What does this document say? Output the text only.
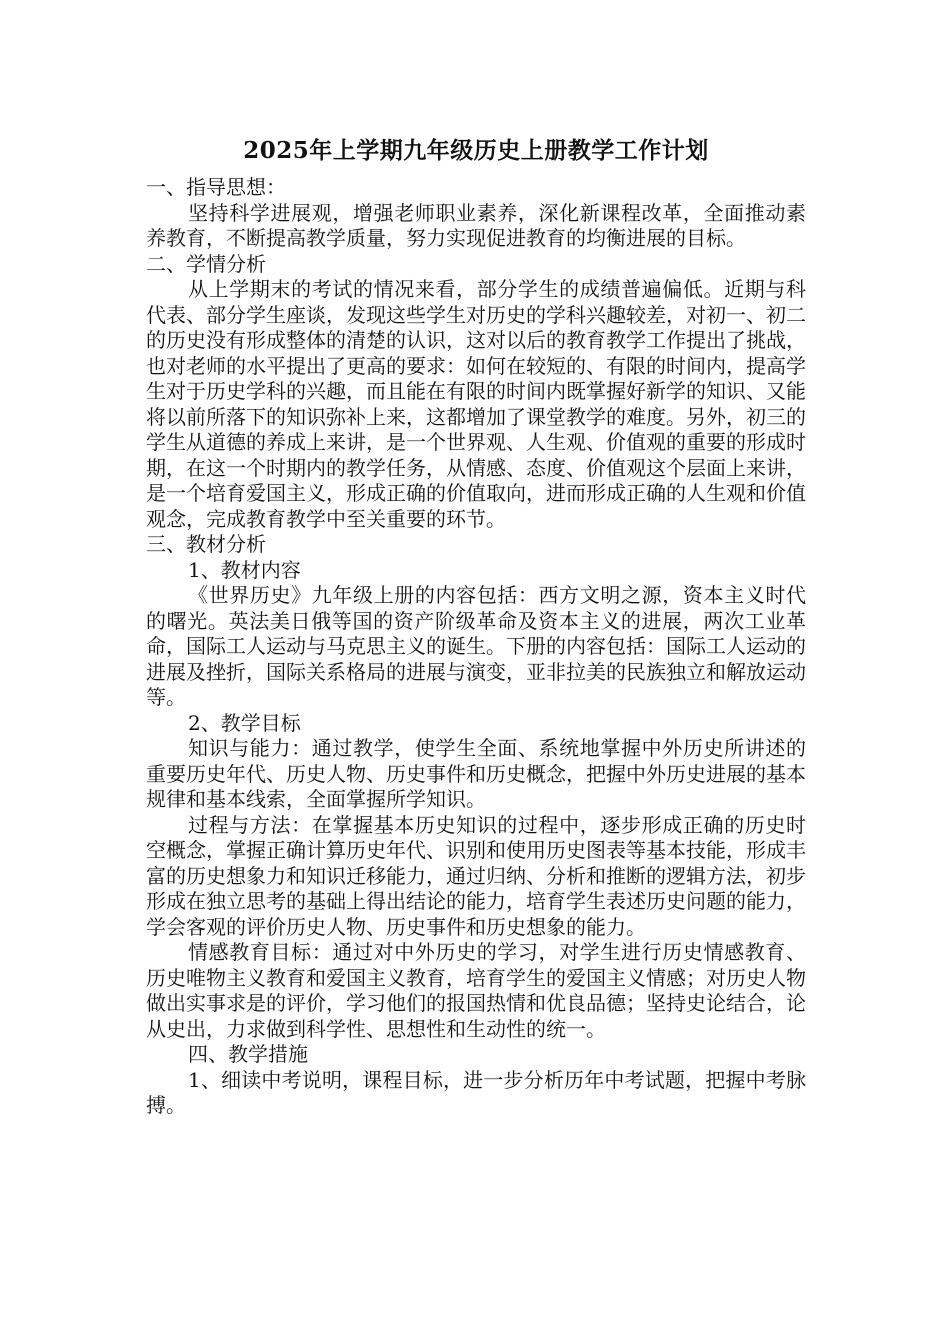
2025年上学期九年级历史上册教学工作计划

一、指导思想：

坚持科学进展观，增强老师职业素养，深化新课程改革，全面推动素养教育，不断提高教学质量，努力实现促进教育的均衡进展的目标。

二、学情分析

从上学期末的考试的情况来看，部分学生的成绩普遍偏低。近期与科代表、部分学生座谈，发现这些学生对历史的学科兴趣较差，对初一、初二的历史没有形成整体的清楚的认识，这对以后的教育教学工作提出了挑战，也对老师的水平提出了更高的要求：如何在较短的、有限的时间内，提高学生对于历史学科的兴趣，而且能在有限的时间内既掌握好新学的知识、又能将以前所落下的知识弥补上来，这都增加了课堂教学的难度。另外，初三的学生从道德的养成上来讲，是一个世界观、人生观、价值观的重要的形成时期，在这一个时期内的教学任务，从情感、态度、价值观这个层面上来讲，是一个培育爱国主义，形成正确的价值取向，进而形成正确的人生观和价值观念，完成教育教学中至关重要的环节。

三、教材分析

1、教材内容

《世界历史》九年级上册的内容包括：西方文明之源，资本主义时代的曙光。英法美日俄等国的资产阶级革命及资本主义的进展，两次工业革命，国际工人运动与马克思主义的诞生。下册的内容包括：国际工人运动的进展及挫折，国际关系格局的进展与演变，亚非拉美的民族独立和解放运动等。

2、教学目标

知识与能力：通过教学，使学生全面、系统地掌握中外历史所讲述的重要历史年代、历史人物、历史事件和历史概念，把握中外历史进展的基本规律和基本线索，全面掌握所学知识。

过程与方法：在掌握基本历史知识的过程中，逐步形成正确的历史时空概念，掌握正确计算历史年代、识别和使用历史图表等基本技能，形成丰富的历史想象力和知识迁移能力，通过归纳、分析和推断的逻辑方法，初步形成在独立思考的基础上得出结论的能力，培育学生表述历史问题的能力，学会客观的评价历史人物、历史事件和历史想象的能力。

情感教育目标：通过对中外历史的学习，对学生进行历史情感教育、历史唯物主义教育和爱国主义教育，培育学生的爱国主义情感；对历史人物做出实事求是的评价，学习他们的报国热情和优良品德；坚持史论结合，论从史出，力求做到科学性、思想性和生动性的统一。

四、教学措施

1、细读中考说明，课程目标，进一步分析历年中考试题，把握中考脉搏。
